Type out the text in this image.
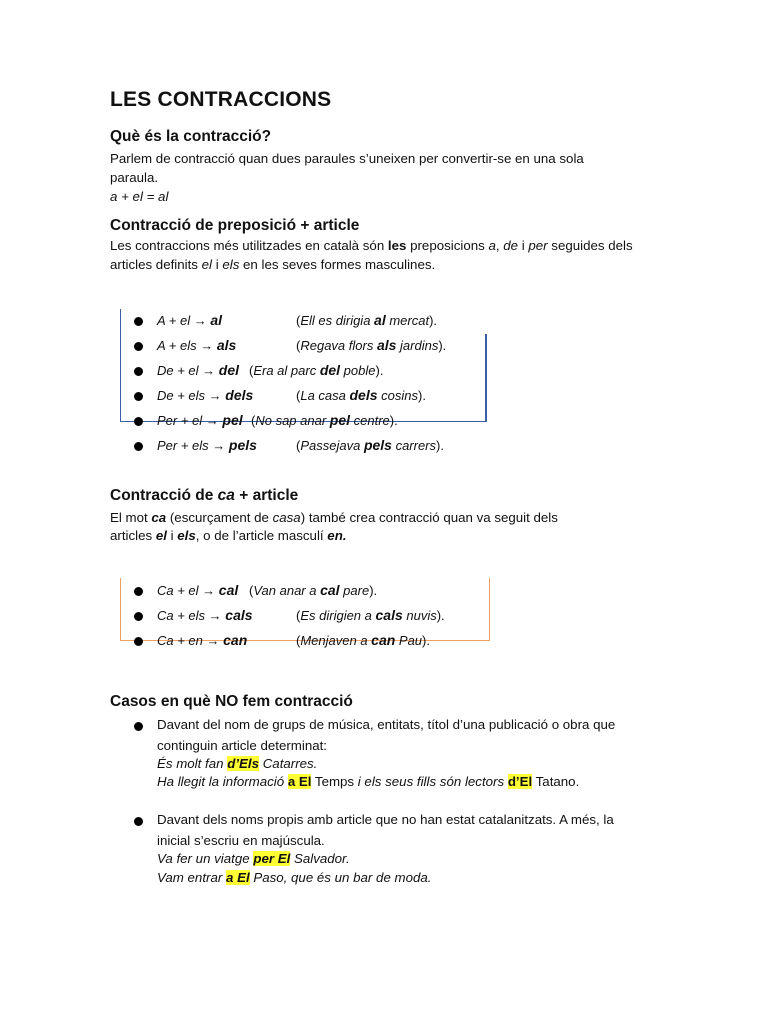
LES CONTRACCIONS
Què és la contracció?
Parlem de contracció quan dues paraules s’uneixen per convertir-se en una sola
paraula.
a + el = al
Contracció de preposició + article
Les contraccions més utilitzades en català són les preposicions a, de i per seguides dels
articles definits el i els en les seves formes masculines.
A + el → al	(Ell es dirigia al mercat).
A + els → als	(Regava flors als jardins).
De + el → del (Era al parc del poble).
De + els → dels	(La casa dels cosins).
Per + el → pel (No sap anar pel centre).
Per + els → pels	(Passejava pels carrers).
Contracció de ca + article
El mot ca (escurçament de casa) també crea contracció quan va seguit dels
articles el i els, o de l’article masculí en.
Ca + el → cal (Van anar a cal pare).
Ca + els → cals	(Es dirigien a cals nuvis).
Ca + en → can	(Menjaven a can Pau).
Casos en què NO fem contracció
Davant del nom de grups de música, entitats, títol d’una publicació o obra que
continguin article determinat:
És molt fan d’Els Catarres.
Ha llegit la informació a El Temps i els seus fills són lectors d’El Tatano.
Davant dels noms propis amb article que no han estat catalanitzats. A més, la
inicial s’escriu en majúscula.
Va fer un viatge per El Salvador.
Vam entrar a El Paso, que és un bar de moda.
